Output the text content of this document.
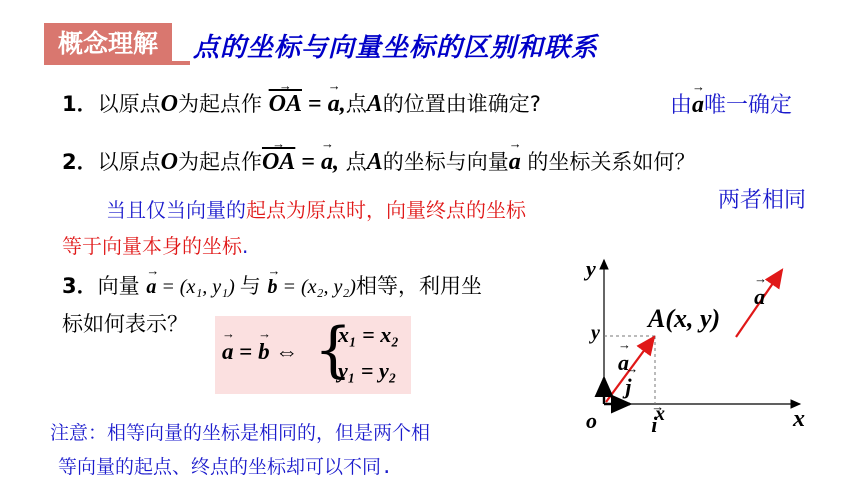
概念理解	点的坐标与向量坐标的区别和联系
1．以原点O为起点作 → $\overline{OA}$ = → a,点A的位置由谁确定?	由→ a唯一确定
2．以原点O为起点作→ $\overline{OA}$ = → a, 点A的坐标与向量→ a 的坐标关系如何？
两者相同
当且仅当向量的起点为原点时，向量终点的坐标
等于向量本身的坐标.
3．向量 → a = (x₁, y₁) 与 → b = (x₂, y₂)相等，利用坐
标如何表示？
→ a = → b ⇔ {
x₁ = x₂
y₁ = y₂
注意：相等向量的坐标是相同的，但是两个相
等向量的起点、终点的坐标却可以不同.
y
x
o
y
x
A(x, y)
→ a → a → i → j
